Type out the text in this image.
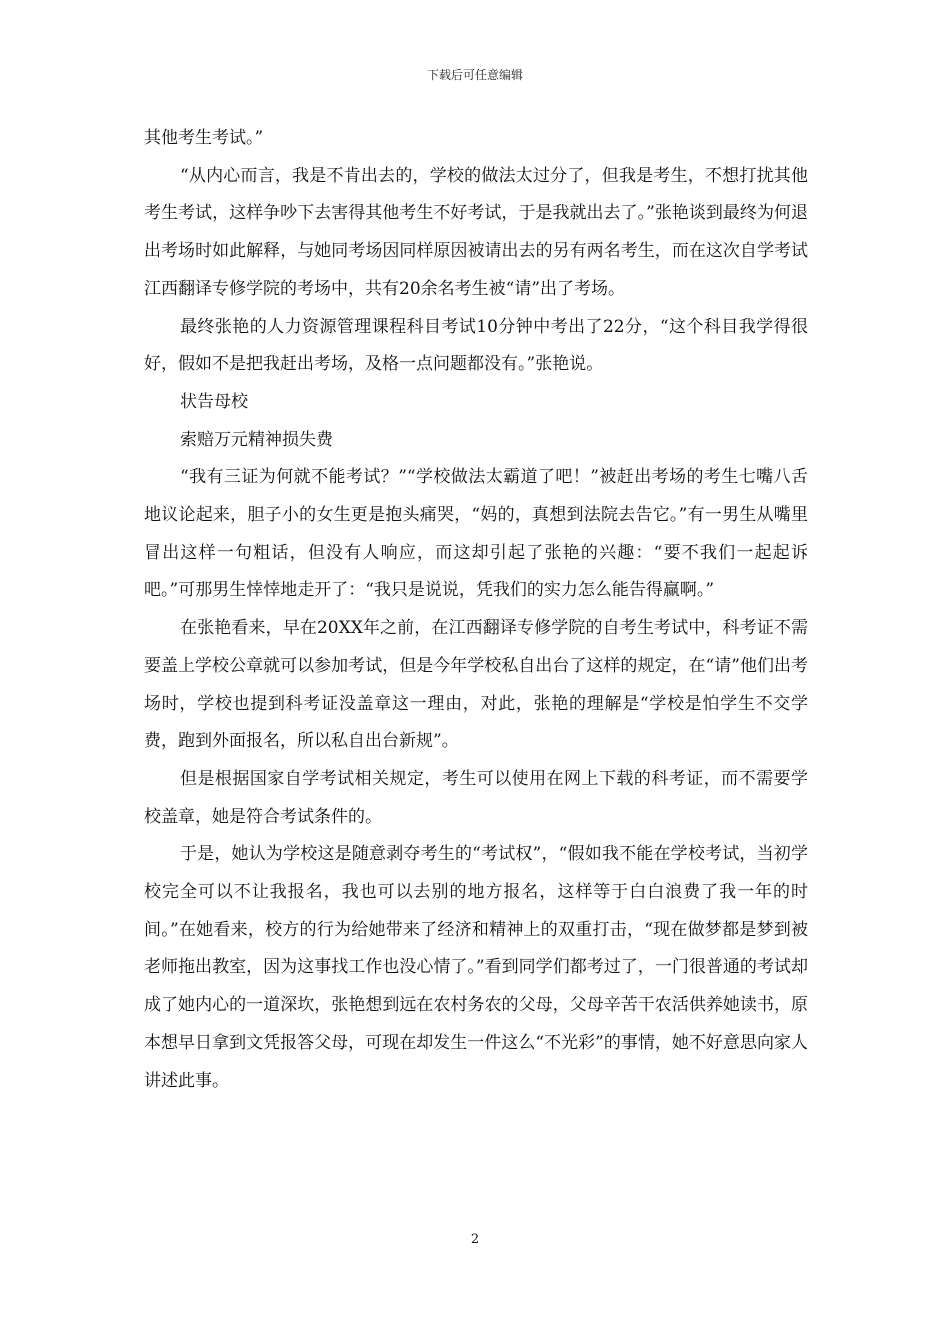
下载后可任意编辑

其他考生考试。”

“从内心而言，我是不肯出去的，学校的做法太过分了，但我是考生，不想打扰其他考生考试，这样争吵下去害得其他考生不好考试，于是我就出去了。”张艳谈到最终为何退出考场时如此解释，与她同考场因同样原因被请出去的另有两名考生，而在这次自学考试江西翻译专修学院的考场中，共有20余名考生被“请”出了考场。

最终张艳的人力资源管理课程科目考试10分钟中考出了22分，“这个科目我学得很好，假如不是把我赶出考场，及格一点问题都没有。”张艳说。

状告母校

索赔万元精神损失费

“我有三证为何就不能考试？”“学校做法太霸道了吧！”被赶出考场的考生七嘴八舌地议论起来，胆子小的女生更是抱头痛哭，“妈的，真想到法院去告它。”有一男生从嘴里冒出这样一句粗话，但没有人响应，而这却引起了张艳的兴趣：“要不我们一起起诉吧。”可那男生悻悻地走开了：“我只是说说，凭我们的实力怎么能告得赢啊。”

在张艳看来，早在20XX年之前，在江西翻译专修学院的自考生考试中，科考证不需要盖上学校公章就可以参加考试，但是今年学校私自出台了这样的规定，在“请”他们出考场时，学校也提到科考证没盖章这一理由，对此，张艳的理解是“学校是怕学生不交学费，跑到外面报名，所以私自出台新规”。

但是根据国家自学考试相关规定，考生可以使用在网上下载的科考证，而不需要学校盖章，她是符合考试条件的。

于是，她认为学校这是随意剥夺考生的“考试权”，“假如我不能在学校考试，当初学校完全可以不让我报名，我也可以去别的地方报名，这样等于白白浪费了我一年的时间。”在她看来，校方的行为给她带来了经济和精神上的双重打击，“现在做梦都是梦到被老师拖出教室，因为这事找工作也没心情了。”看到同学们都考过了，一门很普通的考试却成了她内心的一道深坎，张艳想到远在农村务农的父母，父母辛苦干农活供养她读书，原本想早日拿到文凭报答父母，可现在却发生一件这么“不光彩”的事情，她不好意思向家人讲述此事。

2
